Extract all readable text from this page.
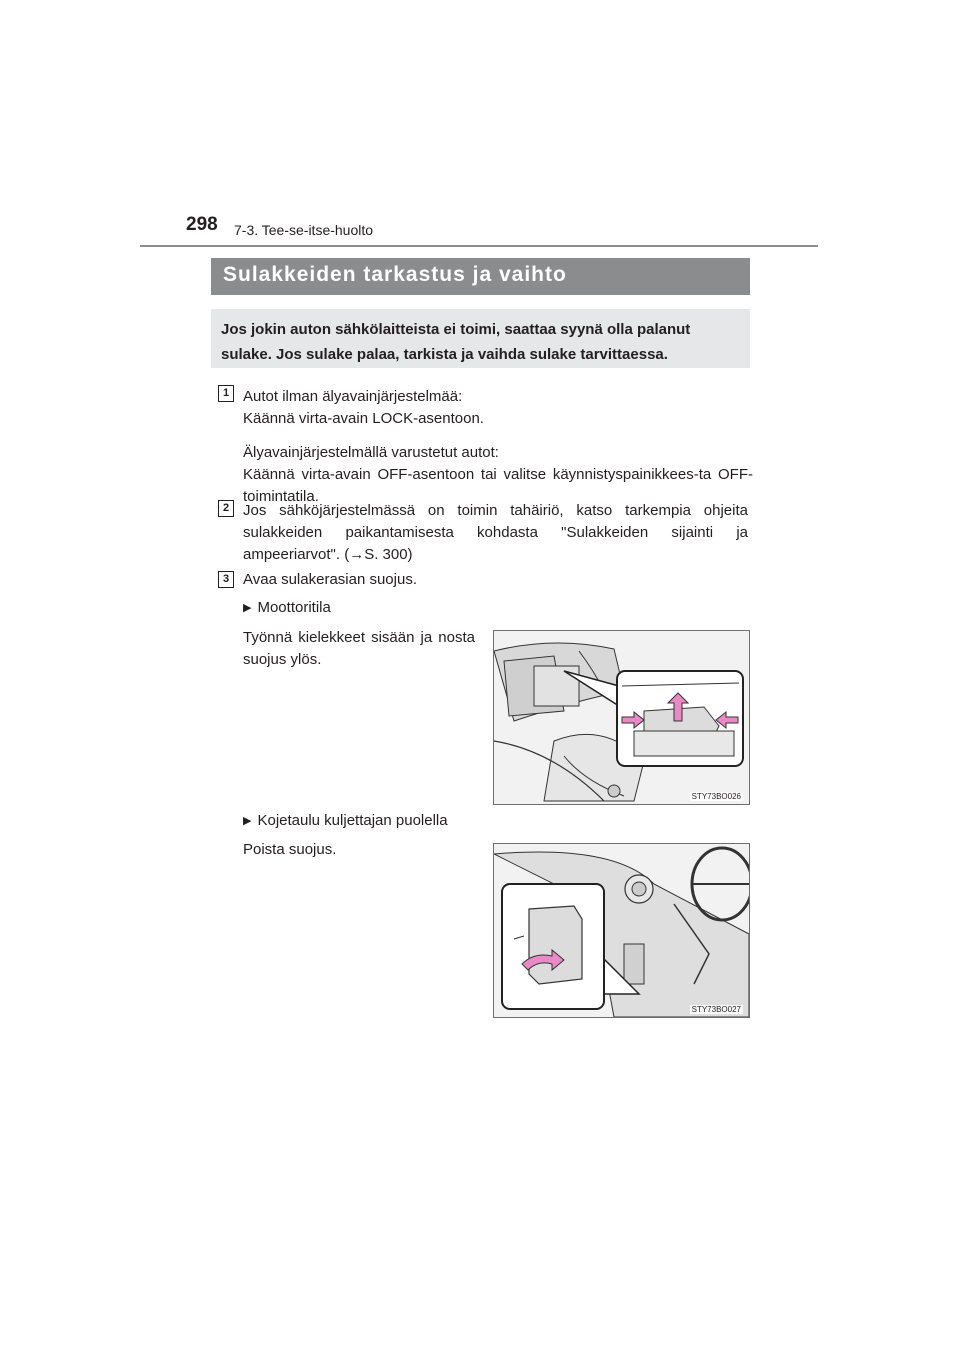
298 7-3. Tee-se-itse-huolto
Sulakkeiden tarkastus ja vaihto
Jos jokin auton sähkölaitteista ei toimi, saattaa syynä olla palanut sulake. Jos sulake palaa, tarkista ja vaihda sulake tarvittaessa.
1 Autot ilman älyavainjärjestelmää:
Käännä virta-avain LOCK-asentoon.
Älyavainjärjestelmällä varustetut autot:
Käännä virta-avain OFF-asentoon tai valitse käynnistyspainikkees-ta OFF-toimintatila.
2 Jos sähköjärjestelmässä on toimin tahäiriö, katso tarkempia ohjeita sulakkeiden paikantamisesta kohdasta "Sulakkeiden sijainti ja ampeeriarvot". (→S. 300)
3 Avaa sulakerasian suojus.
▶ Moottoritila
Työnnä kielekkeet sisään ja nosta suojus ylös.
STY73BO026
▶ Kojetaulu kuljettajan puolella
Poista suojus.
STY73BO027
